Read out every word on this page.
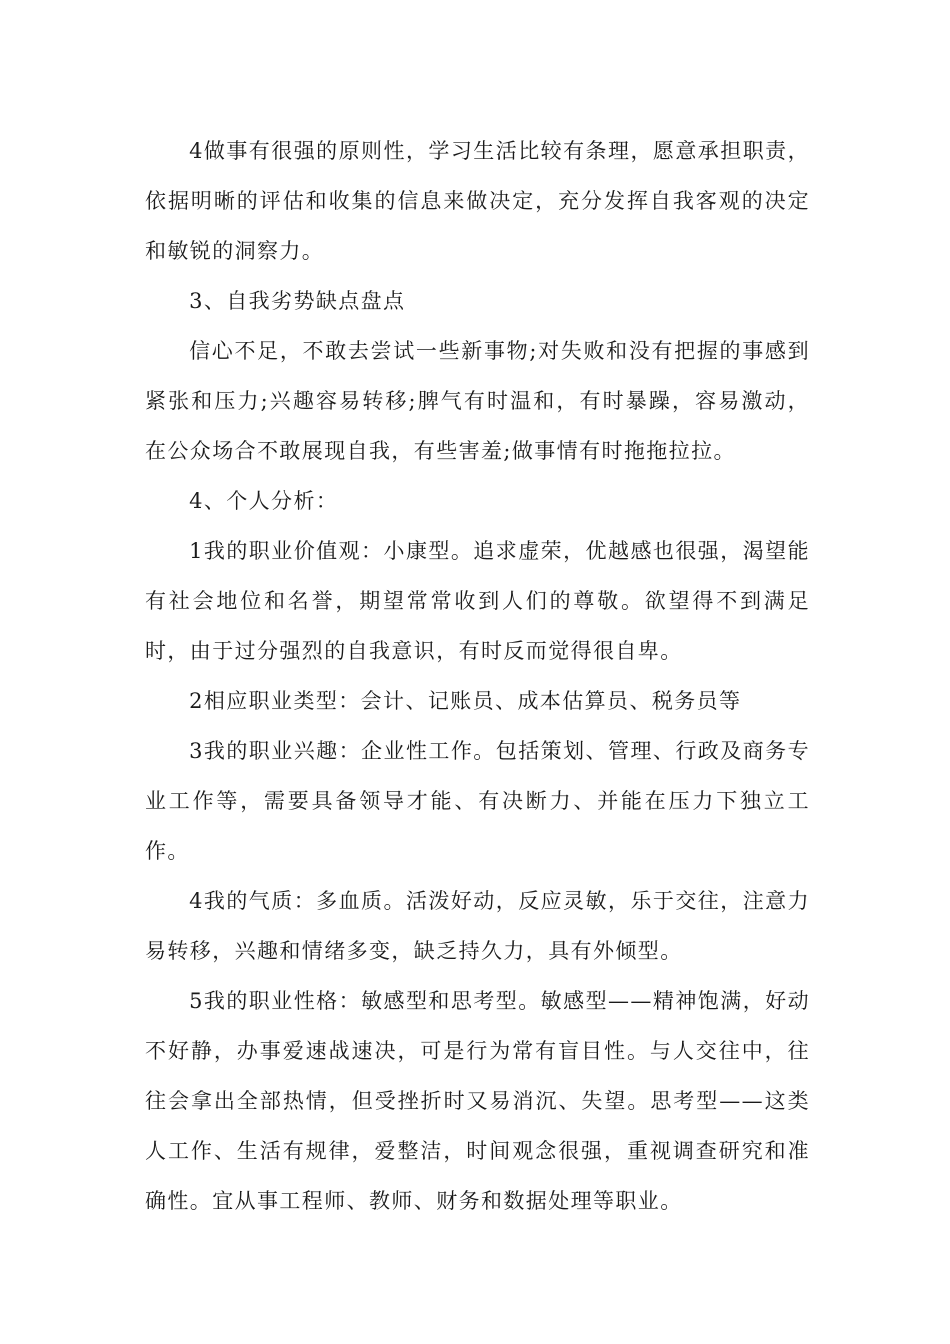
4做事有很强的原则性，学习生活比较有条理，愿意承担职责，依据明晰的评估和收集的信息来做决定，充分发挥自我客观的决定和敏锐的洞察力。

3、自我劣势缺点盘点

信心不足，不敢去尝试一些新事物;对失败和没有把握的事感到紧张和压力;兴趣容易转移;脾气有时温和，有时暴躁，容易激动，在公众场合不敢展现自我，有些害羞;做事情有时拖拖拉拉。

4、个人分析：

1我的职业价值观：小康型。追求虚荣，优越感也很强，渴望能有社会地位和名誉，期望常常收到人们的尊敬。欲望得不到满足时，由于过分强烈的自我意识，有时反而觉得很自卑。

2相应职业类型：会计、记账员、成本估算员、税务员等

3我的职业兴趣：企业性工作。包括策划、管理、行政及商务专业工作等，需要具备领导才能、有决断力、并能在压力下独立工作。

4我的气质：多血质。活泼好动，反应灵敏，乐于交往，注意力易转移，兴趣和情绪多变，缺乏持久力，具有外倾型。

5我的职业性格：敏感型和思考型。敏感型——精神饱满，好动不好静，办事爱速战速决，可是行为常有盲目性。与人交往中，往往会拿出全部热情，但受挫折时又易消沉、失望。思考型——这类人工作、生活有规律，爱整洁，时间观念很强，重视调查研究和准确性。宜从事工程师、教师、财务和数据处理等职业。
